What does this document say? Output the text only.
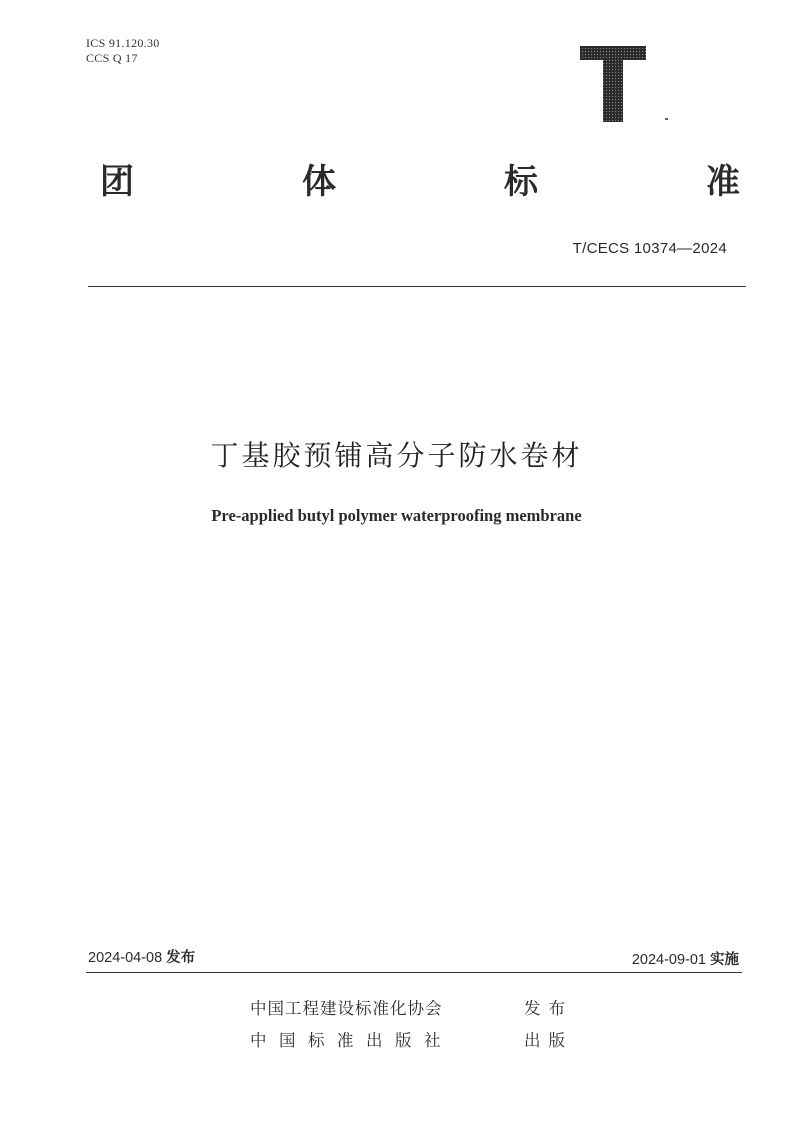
ICS 91.120.30
CCS Q 17
团	体	标	准
T/CECS 10374—2024
丁基胶预铺高分子防水卷材
Pre-applied butyl polymer waterproofing membrane
2024-04-08 发布	2024-09-01 实施
中国工程建设标准化协会	发布
中国标准出版社	出版
